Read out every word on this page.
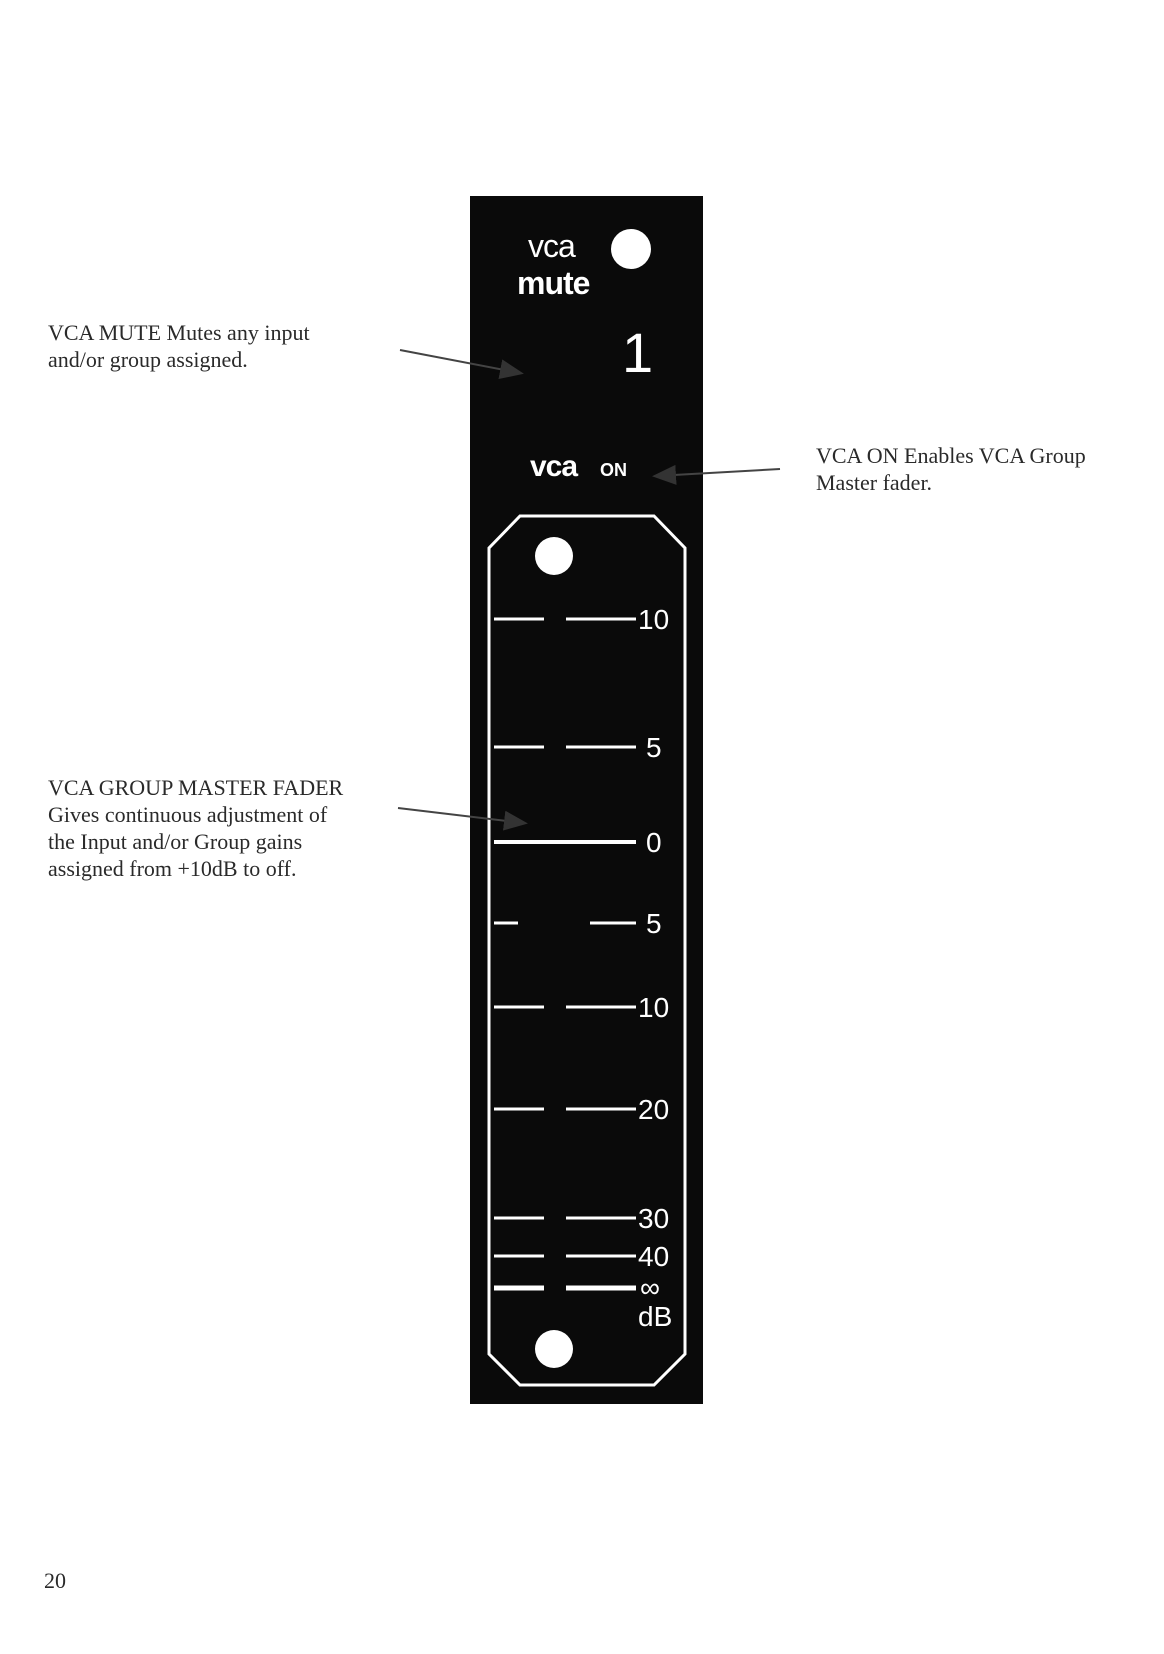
VCA MUTE Mutes any input and/or group assigned.
VCA ON Enables VCA Group Master fader.
VCA GROUP MASTER FADER Gives continuous adjustment of the Input and/or Group gains assigned from +10dB to off.
vca
mute
1
vca ON
10
5
0
5
10
20
30
40
∞
dB
20
